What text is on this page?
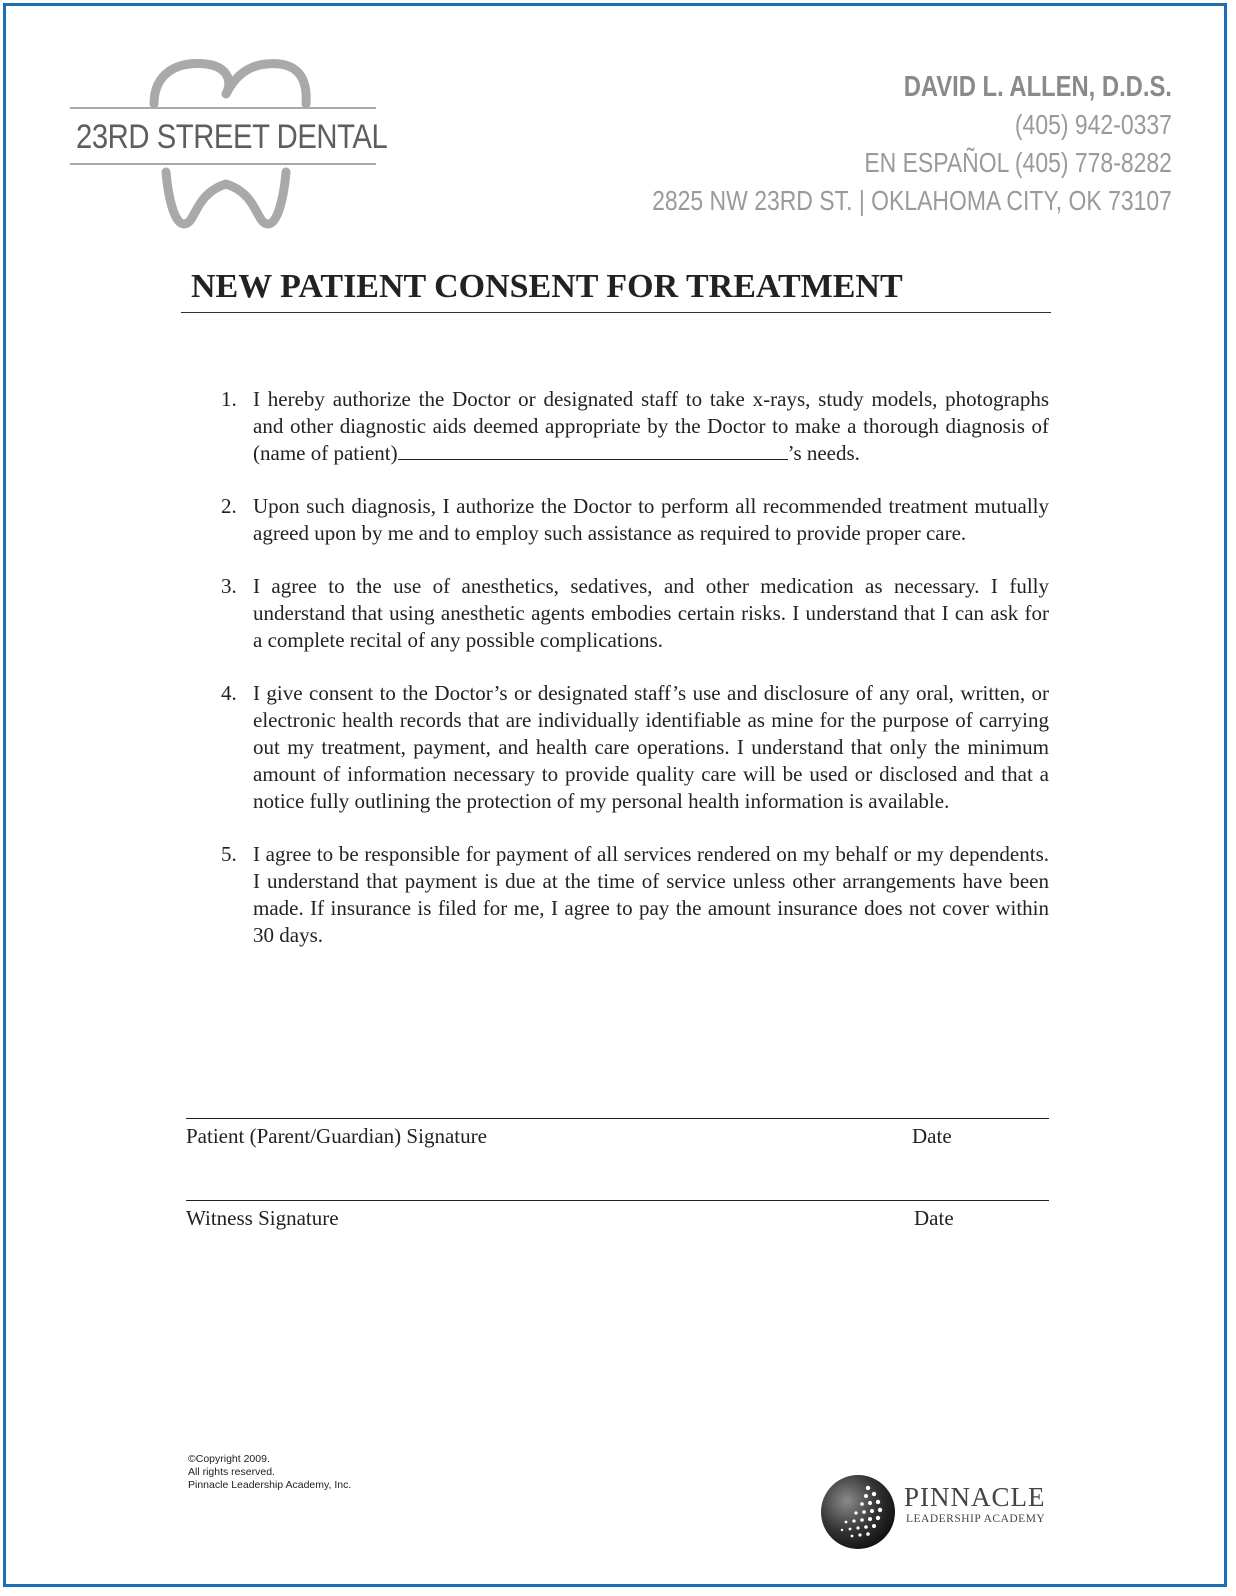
23RD STREET DENTAL
DAVID L. ALLEN, D.D.S.
(405) 942-0337
EN ESPAÑOL (405) 778-8282
2825 NW 23RD ST. | OKLAHOMA CITY, OK 73107
NEW PATIENT CONSENT FOR TREATMENT
1. I hereby authorize the Doctor or designated staff to take x-rays, study models, photographs and other diagnostic aids deemed appropriate by the Doctor to make a thorough diagnosis of (name of patient)	’s needs.
2. Upon such diagnosis, I authorize the Doctor to perform all recommended treatment mutually agreed upon by me and to employ such assistance as required to provide proper care.
3. I agree to the use of anesthetics, sedatives, and other medication as necessary. I fully understand that using anesthetic agents embodies certain risks. I understand that I can ask for a complete recital of any possible complications.
4. I give consent to the Doctor’s or designated staff’s use and disclosure of any oral, written, or electronic health records that are individually identifiable as mine for the purpose of carrying out my treatment, payment, and health care operations. I understand that only the minimum amount of information necessary to provide quality care will be used or disclosed and that a notice fully outlining the protection of my personal health information is available.
5. I agree to be responsible for payment of all services rendered on my behalf or my dependents. I understand that payment is due at the time of service unless other arrangements have been made. If insurance is filed for me, I agree to pay the amount insurance does not cover within 30 days.
Patient (Parent/Guardian) Signature	Date
Witness Signature	Date
©Copyright 2009.
All rights reserved.
Pinnacle Leadership Academy, Inc.	PINNACLE
LEADERSHIP ACADEMY
